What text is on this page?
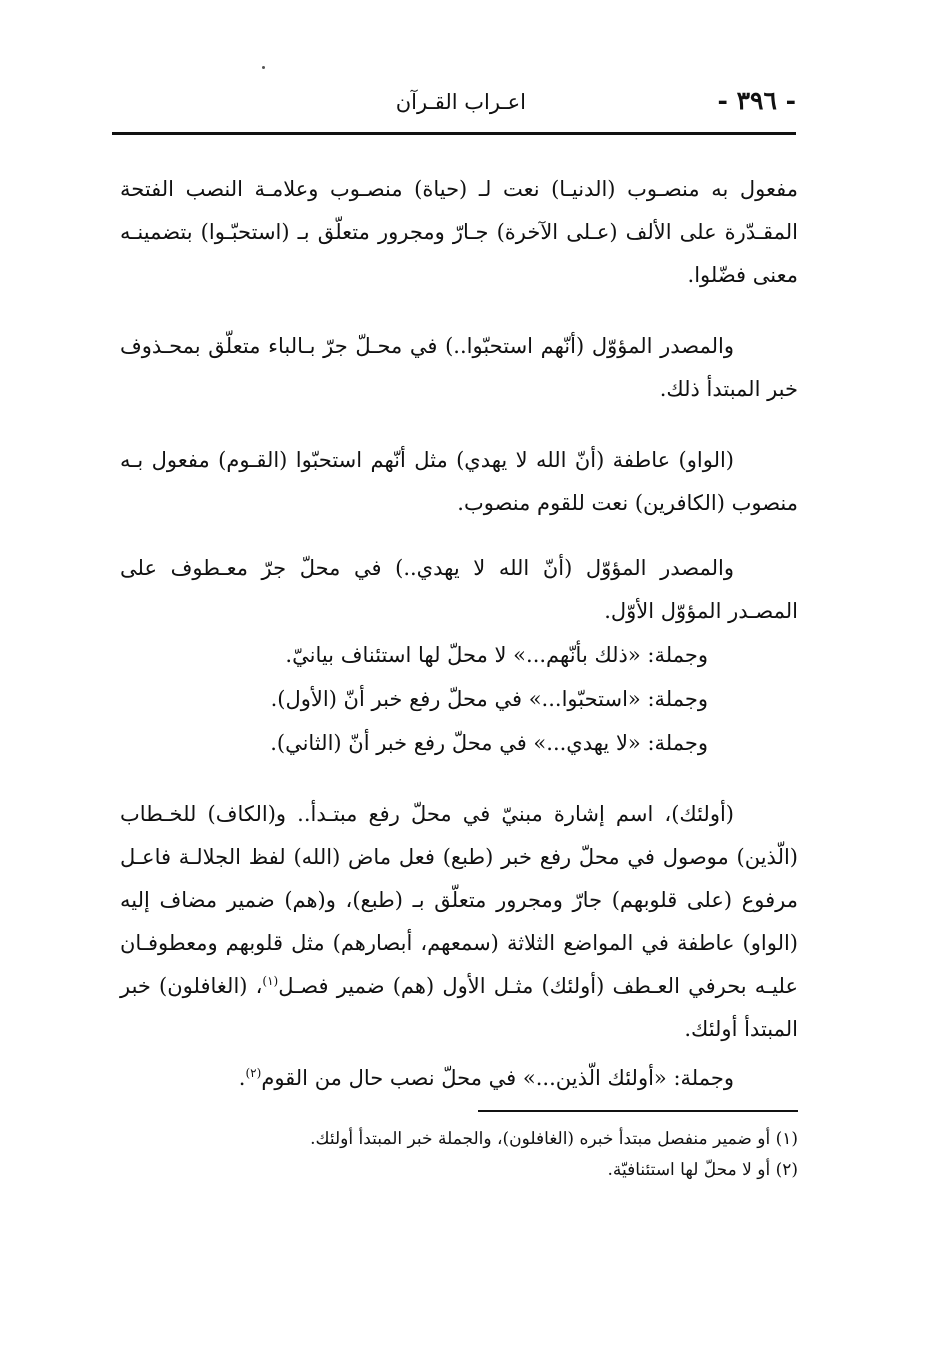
- ٣٩٦ -
اعـراب القـرآن

مفعول به منصـوب (الدنيـا) نعت لـ (حياة) منصـوب وعلامـة النصب الفتحة المقـدّرة على الألف (عـلى الآخرة) جـارّ ومجرور متعلّق بـ (استحبّـوا) بتضمينـه معنى فضّلوا.

والمصدر المؤوّل (أنّهم استحبّوا..) في محـلّ جرّ بـالباء متعلّق بمحـذوف خبر المبتدأ ذلك.

(الواو) عاطفة (أنّ الله لا يهدي) مثل أنّهم استحبّوا (القـوم) مفعول بـه منصوب (الكافرين) نعت للقوم منصوب.

والمصدر المؤوّل (أنّ الله لا يهدي..) في محلّ جرّ معـطوف على المصـدر المؤوّل الأوّل.

وجملة: «ذلك بأنّهم...» لا محلّ لها استئناف بيانيّ.

وجملة: «استحبّوا...» في محلّ رفع خبر أنّ (الأول).

وجملة: «لا يهدي...» في محلّ رفع خبر أنّ (الثاني).

(أولئك)، اسم إشارة مبنيّ في محلّ رفع مبتـدأ.. و(الكاف) للخـطاب (الّذين) موصول في محلّ رفع خبر (طبع) فعل ماض (الله) لفظ الجلالـة فاعـل مرفوع (على قلوبهم) جارّ ومجرور متعلّق بـ (طبع)، و(هم) ضمير مضاف إليه (الواو) عاطفة في المواضع الثلاثة (سمعهم، أبصارهم) مثل قلوبهم ومعطوفـان عليـه بحرفي العـطف (أولئك) مثـل الأول (هم) ضمير فصـل$^{(١)}$، (الغافلون) خبر المبتدأ أولئك.

وجملة: «أولئك الّذين...» في محلّ نصب حال من القوم$^{(٢)}$.

(١) أو ضمير منفصل مبتدأ خبره (الغافلون)، والجملة خبر المبتدأ أولئك.

(٢) أو لا محلّ لها استئنافيّة.
